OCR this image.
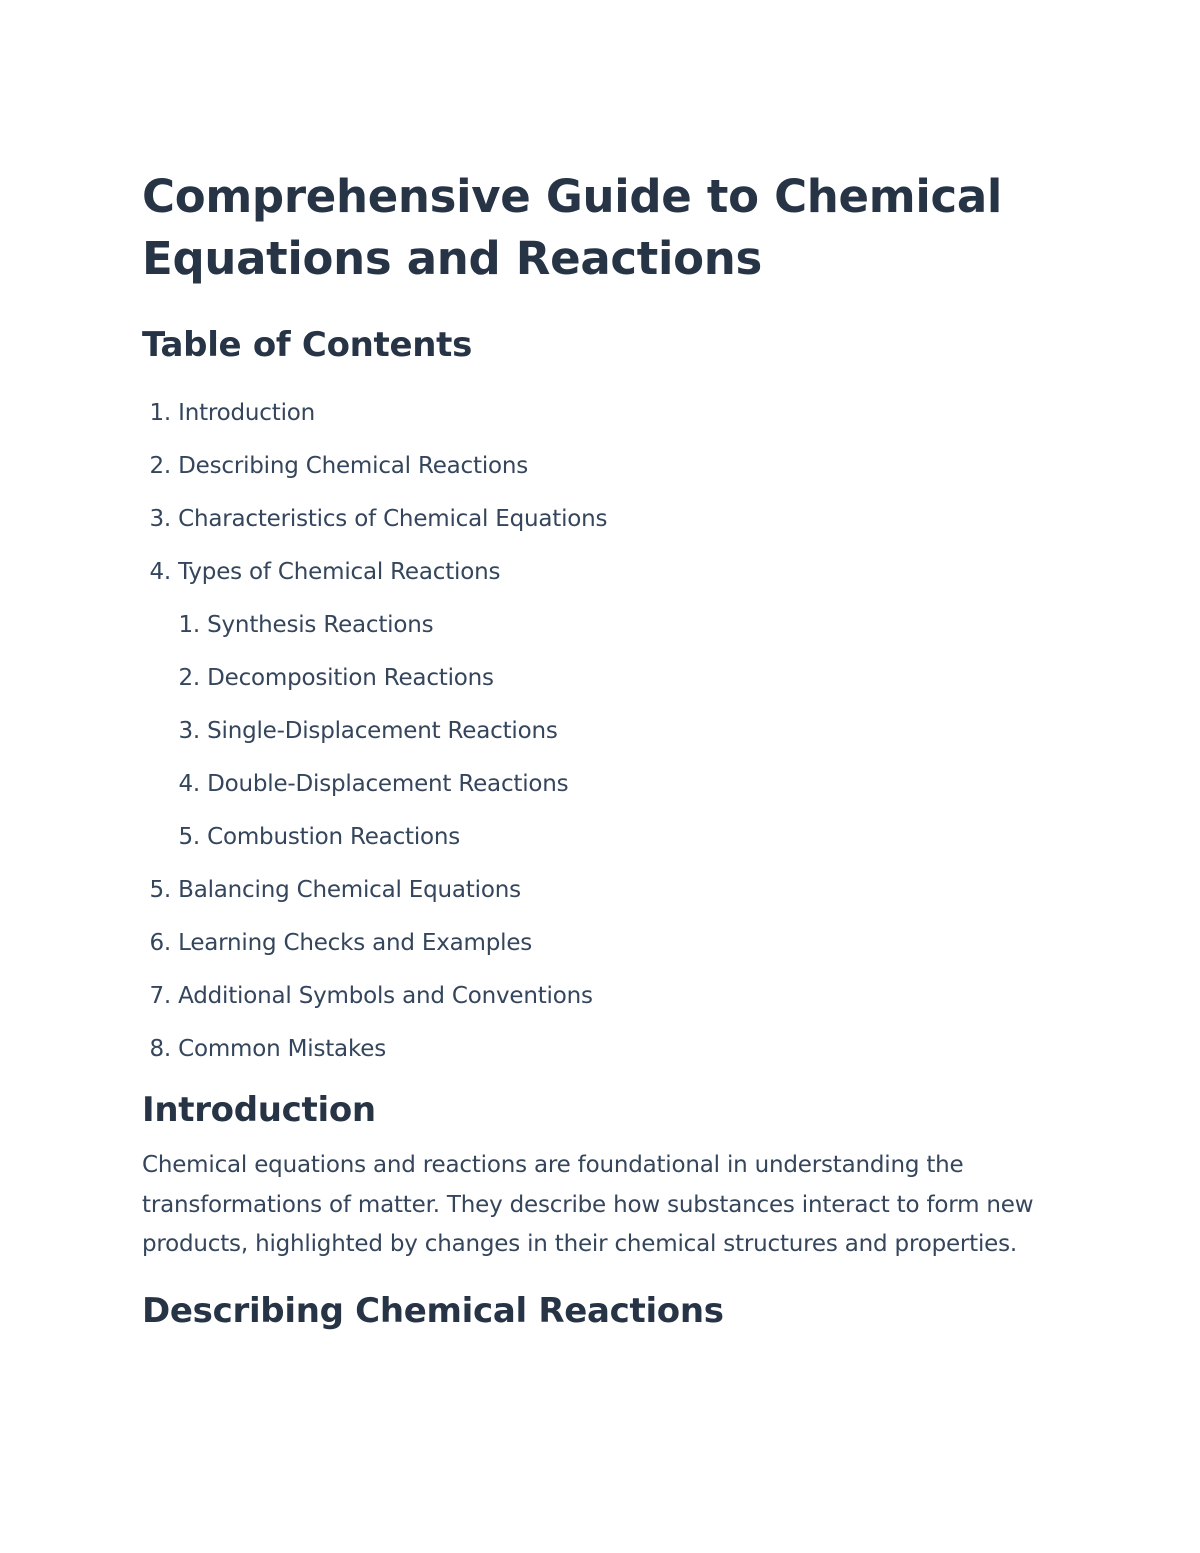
Comprehensive Guide to Chemical Equations and Reactions
Table of Contents
1. Introduction
2. Describing Chemical Reactions
3. Characteristics of Chemical Equations
4. Types of Chemical Reactions
1. Synthesis Reactions
2. Decomposition Reactions
3. Single-Displacement Reactions
4. Double-Displacement Reactions
5. Combustion Reactions
5. Balancing Chemical Equations
6. Learning Checks and Examples
7. Additional Symbols and Conventions
8. Common Mistakes
Introduction

Chemical equations and reactions are foundational in understanding the transformations of matter. They describe how substances interact to form new products, highlighted by changes in their chemical structures and properties.

Describing Chemical Reactions
